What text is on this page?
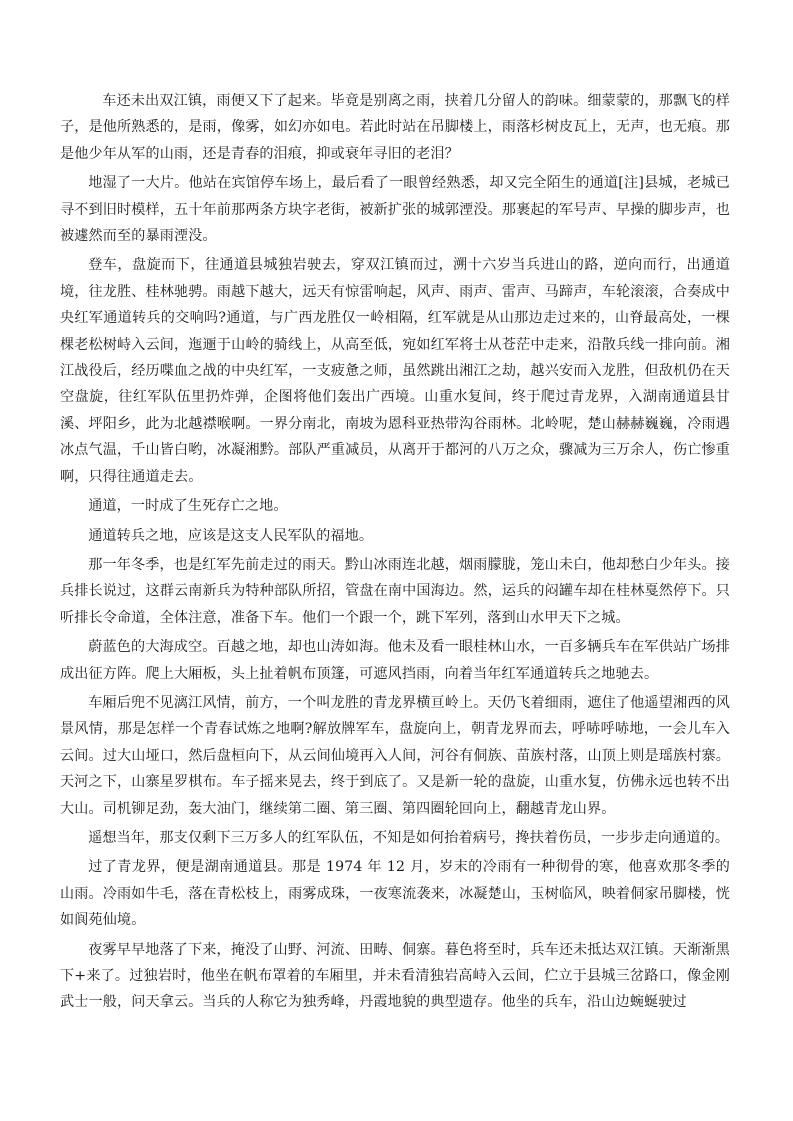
车还未出双江镇，雨便又下了起来。毕竟是别离之雨，挟着几分留人的韵味。细蒙蒙的，那飘飞的样子，是他所熟悉的，是雨，像雾，如幻亦如电。若此时站在吊脚楼上，雨落杉树皮瓦上，无声，也无痕。那是他少年从军的山雨，还是青春的泪痕，抑或衰年寻旧的老泪？

地湿了一大片。他站在宾馆停车场上，最后看了一眼曾经熟悉，却又完全陌生的通道[注]县城，老城已寻不到旧时模样，五十年前那两条方块字老街，被新扩张的城郭湮没。那裹起的军号声、早操的脚步声，也被遽然而至的暴雨湮没。

登车，盘旋而下，往通道县城独岩驶去，穿双江镇而过，溯十六岁当兵进山的路，逆向而行，出通道境，往龙胜、桂林驰骋。雨越下越大，远天有惊雷响起，风声、雨声、雷声、马蹄声，车轮滚滚，合奏成中央红军通道转兵的交响吗?通道，与广西龙胜仅一岭相隔，红军就是从山那边走过来的，山脊最高处，一棵棵老松树峙入云间，迤逦于山岭的骑线上，从高至低，宛如红军将士从苍茫中走来，沿散兵线一排向前。湘江战役后，经历喋血之战的中央红军，一支疲惫之师，虽然跳出湘江之劫，越兴安而入龙胜，但敌机仍在天空盘旋，往红军队伍里扔炸弹，企图将他们轰出广西境。山重水复间，终于爬过青龙界，入湖南通道县甘溪、坪阳乡，此为北越襟喉啊。一界分南北，南坡为恩科亚热带沟谷雨林。北岭呢，楚山赫赫巍巍，冷雨遇冰点气温，千山皆白哟，冰凝湘黔。部队严重减员，从离开于都河的八万之众，骤减为三万余人，伤亡惨重啊，只得往通道走去。

通道，一时成了生死存亡之地。

通道转兵之地，应该是这支人民军队的福地。

那一年冬季，也是红军先前走过的雨天。黔山冰雨连北越，烟雨朦胧，笼山未白，他却愁白少年头。接兵排长说过，这群云南新兵为特种部队所招，管盘在南中国海边。然，运兵的闷罐车却在桂林戛然停下。只听排长令命道，全体注意，准备下车。他们一个跟一个，跳下军列，落到山水甲天下之城。

蔚蓝色的大海成空。百越之地，却也山涛如海。他未及看一眼桂林山水，一百多辆兵车在军供站广场排成出征方阵。爬上大厢板，头上扯着帆布顶篷，可遮风挡雨，向着当年红军通道转兵之地驰去。

车厢后兜不见漓江风情，前方，一个叫龙胜的青龙界横亘岭上。天仍飞着细雨，遮住了他遥望湘西的风景风情，那是怎样一个青春试炼之地啊?解放牌军车，盘旋向上，朝青龙界而去，呼哧呼哧地，一会儿车入云间。过大山垭口，然后盘桓向下，从云间仙境再入人间，河谷有侗族、苗族村落，山顶上则是瑶族村寨。天河之下，山寨星罗棋布。车子摇来晃去，终于到底了。又是新一轮的盘旋，山重水复，仿佛永远也转不出大山。司机铆足劲，轰大油门，继续第二圈、第三圈、第四圈轮回向上，翻越青龙山界。

遥想当年，那支仅剩下三万多人的红军队伍，不知是如何抬着病号，搀扶着伤员，一步步走向通道的。

过了青龙界，便是湖南通道县。那是 1974 年 12 月，岁末的冷雨有一种彻骨的寒，他喜欢那冬季的山雨。冷雨如牛毛，落在青松枝上，雨雾成珠，一夜寒流袭来，冰凝楚山，玉树临风，映着侗家吊脚楼，恍如阆苑仙境。

夜雾早早地落了下来，掩没了山野、河流、田畴、侗寨。暮色将至时，兵车还未抵达双江镇。天渐渐黑下+来了。过独岩时，他坐在帆布罩着的车厢里，并未看清独岩高峙入云间，伫立于县城三岔路口，像金刚武士一般，问天拿云。当兵的人称它为独秀峰，丹霞地貌的典型遗存。他坐的兵车，沿山边蜿蜒驶过
